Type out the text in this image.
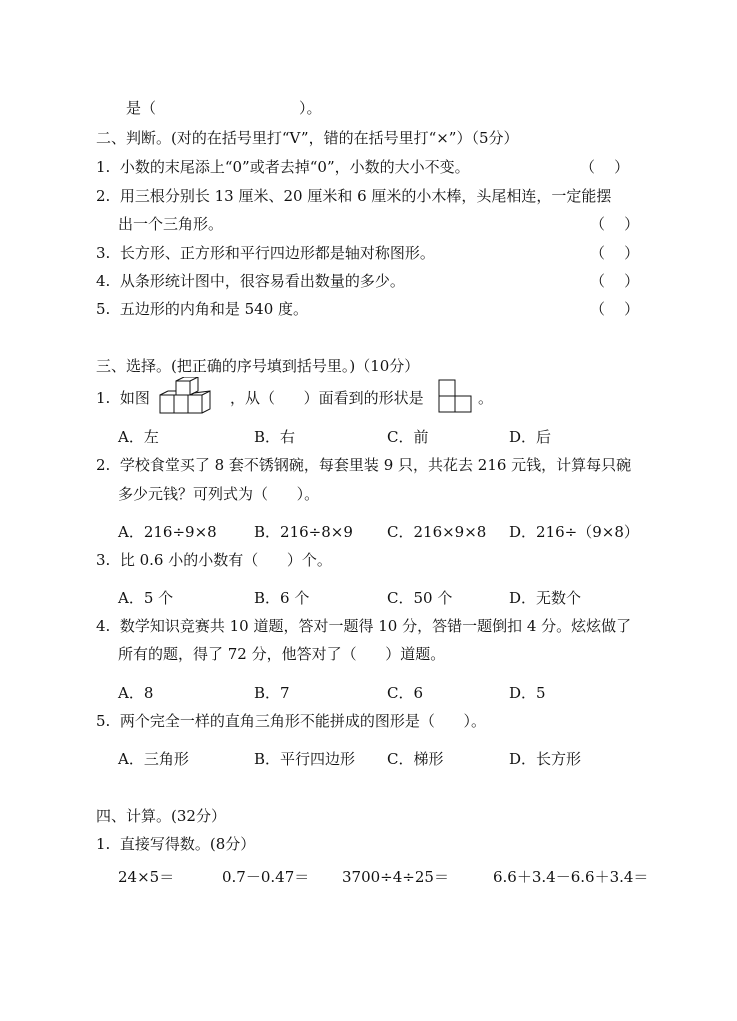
是（                              ）。
二、判断。(对的在括号里打“V”，错的在括号里打“×”）（5分）
1.  小数的末尾添上“0”或者去掉“0”，小数的大小不变。	（    ）
2.  用三根分别长 13 厘米、20 厘米和 6 厘米的小木棒，头尾相连，一定能摆
出一个三角形。	（    ）
3.  长方形、正方形和平行四边形都是轴对称图形。	（    ）
4.  从条形统计图中，很容易看出数量的多少。	（    ）
5.  五边形的内角和是 540 度。	（    ）
三、选择。(把正确的序号填到括号里。)（10分）
1.  如图	，从（      ）面看到的形状是	。
A．左	B．右	C．前	D．后
2.  学校食堂买了 8 套不锈钢碗，每套里装 9 只，共花去 216 元钱，计算每只碗
多少元钱？可列式为（      ）。
A．216÷9×8 B．216÷8×9 C．216×9×8 D．216÷（9×8）
3.  比 0.6 小的小数有（      ）个。
A．5 个	B．6 个	C．50 个	D．无数个
4.  数学知识竞赛共 10 道题，答对一题得 10 分，答错一题倒扣 4 分。炫炫做了
所有的题，得了 72 分，他答对了（      ）道题。
A．8	B．7	C．6	D．5
5.  两个完全一样的直角三角形不能拼成的图形是（      ）。
A．三角形	B．平行四边形 C．梯形	D．长方形
四、计算。(32分）
1.  直接写得数。(8分）
24×5＝	0.7－0.47＝ 3700÷4÷25＝	6.6＋3.4－6.6＋3.4＝
